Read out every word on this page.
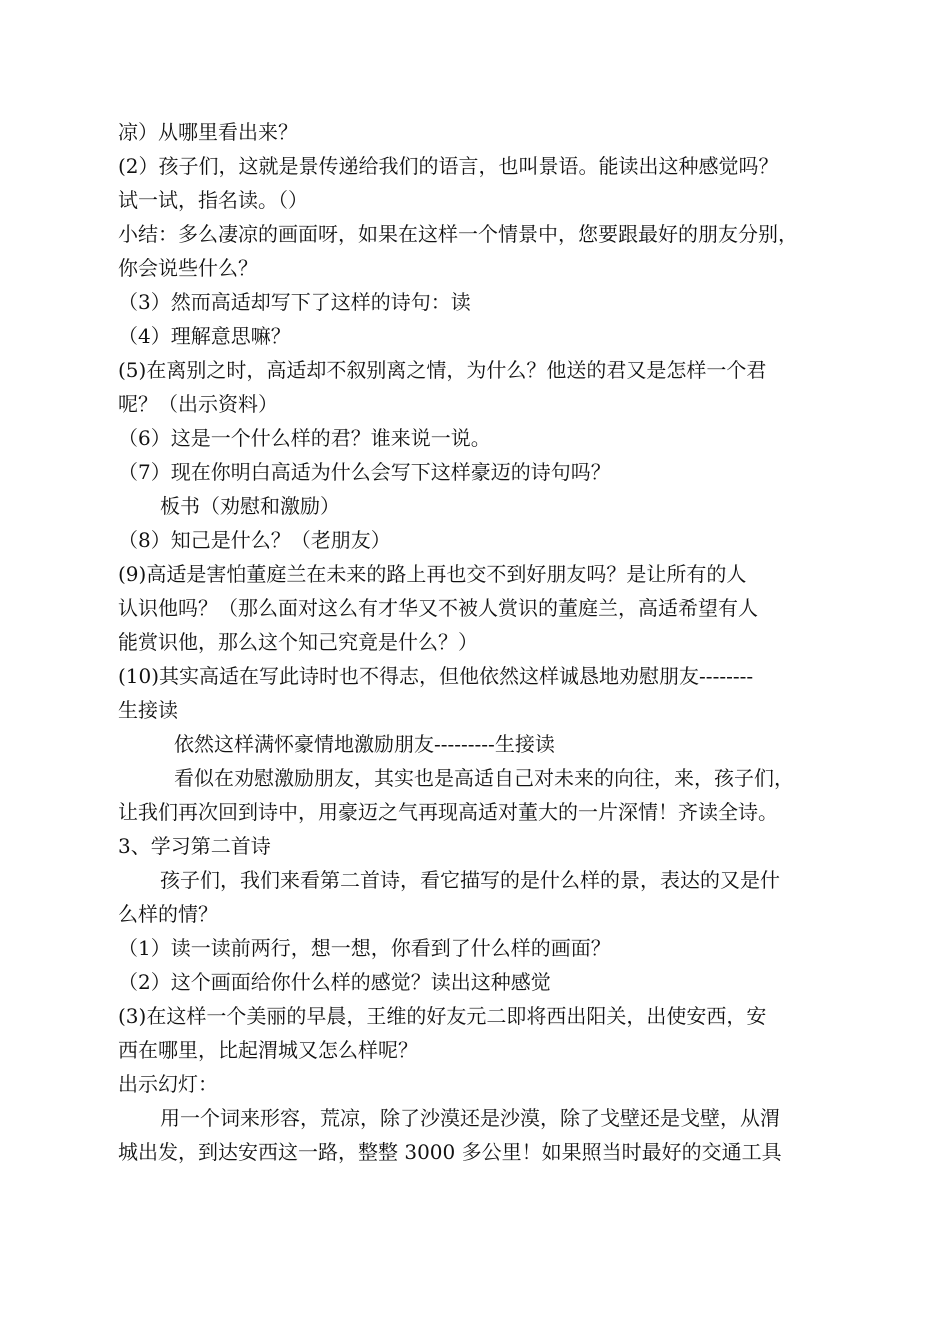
凉）从哪里看出来？

(2）孩子们，这就是景传递给我们的语言，也叫景语。能读出这种感觉吗？

试一试，指名读。（）

小结：多么凄凉的画面呀，如果在这样一个情景中，您要跟最好的朋友分别，

你会说些什么？

（3）然而高适却写下了这样的诗句：读

（4）理解意思嘛？

(5)在离别之时，高适却不叙别离之情，为什么？他送的君又是怎样一个君

呢？（出示资料）

（6）这是一个什么样的君？谁来说一说。

（7）现在你明白高适为什么会写下这样豪迈的诗句吗？

板书（劝慰和激励）

（8）知己是什么？（老朋友）

(9)高适是害怕董庭兰在未来的路上再也交不到好朋友吗？是让所有的人

认识他吗？（那么面对这么有才华又不被人赏识的董庭兰，高适希望有人

能赏识他，那么这个知己究竟是什么？）

(10)其实高适在写此诗时也不得志，但他依然这样诚恳地劝慰朋友--------

生接读

依然这样满怀豪情地激励朋友---------生接读

看似在劝慰激励朋友，其实也是高适自己对未来的向往，来，孩子们，

让我们再次回到诗中，用豪迈之气再现高适对董大的一片深情！齐读全诗。

3、学习第二首诗

孩子们，我们来看第二首诗，看它描写的是什么样的景，表达的又是什

么样的情？

（1）读一读前两行，想一想，你看到了什么样的画面？

（2）这个画面给你什么样的感觉？读出这种感觉

(3)在这样一个美丽的早晨，王维的好友元二即将西出阳关，出使安西，安

西在哪里，比起渭城又怎么样呢？

出示幻灯：

用一个词来形容，荒凉，除了沙漠还是沙漠，除了戈壁还是戈壁，从渭

城出发，到达安西这一路，整整 3000 多公里！如果照当时最好的交通工具
